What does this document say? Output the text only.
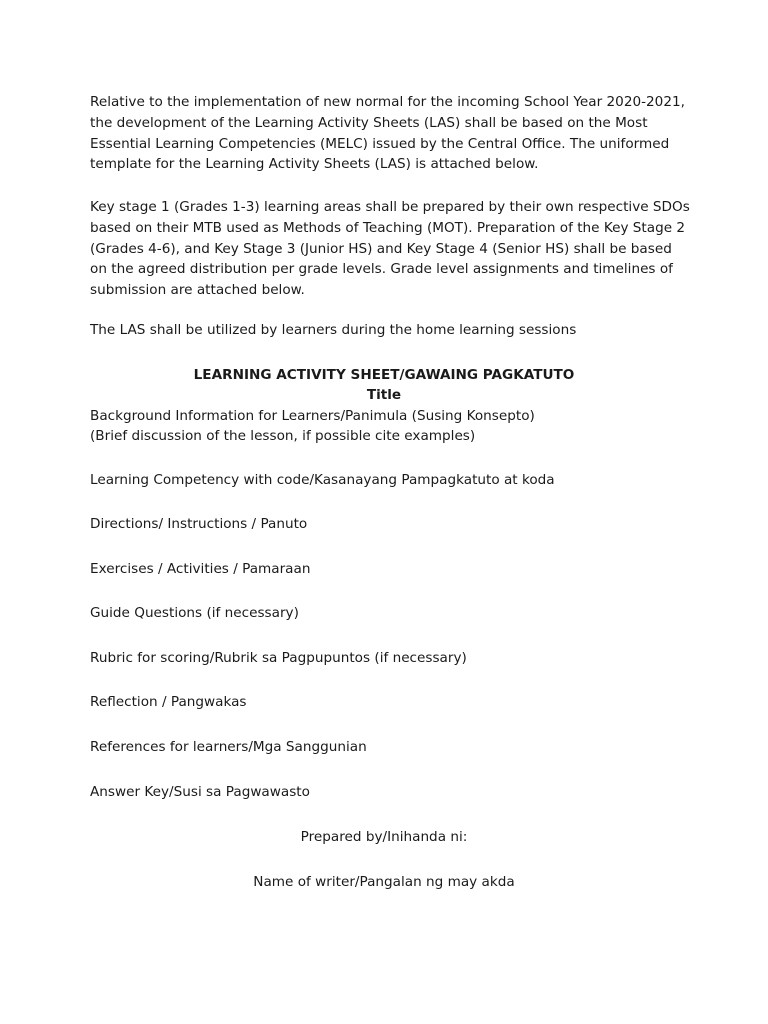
Relative to the implementation of new normal for the incoming School Year 2020-2021, the development of the Learning Activity Sheets (LAS) shall be based on the Most Essential Learning Competencies (MELC) issued by the Central Office. The uniformed template for the Learning Activity Sheets (LAS) is attached below.
Key stage 1 (Grades 1-3) learning areas shall be prepared by their own respective SDOs based on their MTB used as Methods of Teaching (MOT). Preparation of the Key Stage 2 (Grades 4-6), and Key Stage 3 (Junior HS) and Key Stage 4 (Senior HS) shall be based on the agreed distribution per grade levels. Grade level assignments and timelines of submission are attached below.
The LAS shall be utilized by learners during the home learning sessions
LEARNING ACTIVITY SHEET/GAWAING PAGKATUTO
Title
Background Information for Learners/Panimula (Susing Konsepto)
(Brief discussion of the lesson, if possible cite examples)
Learning Competency with code/Kasanayang Pampagkatuto at koda
Directions/ Instructions / Panuto
Exercises / Activities / Pamaraan
Guide Questions (if necessary)
Rubric for scoring/Rubrik sa Pagpupuntos (if necessary)
Reflection / Pangwakas
References for learners/Mga Sanggunian
Answer Key/Susi sa Pagwawasto
Prepared by/Inihanda ni:
Name of writer/Pangalan ng may akda
